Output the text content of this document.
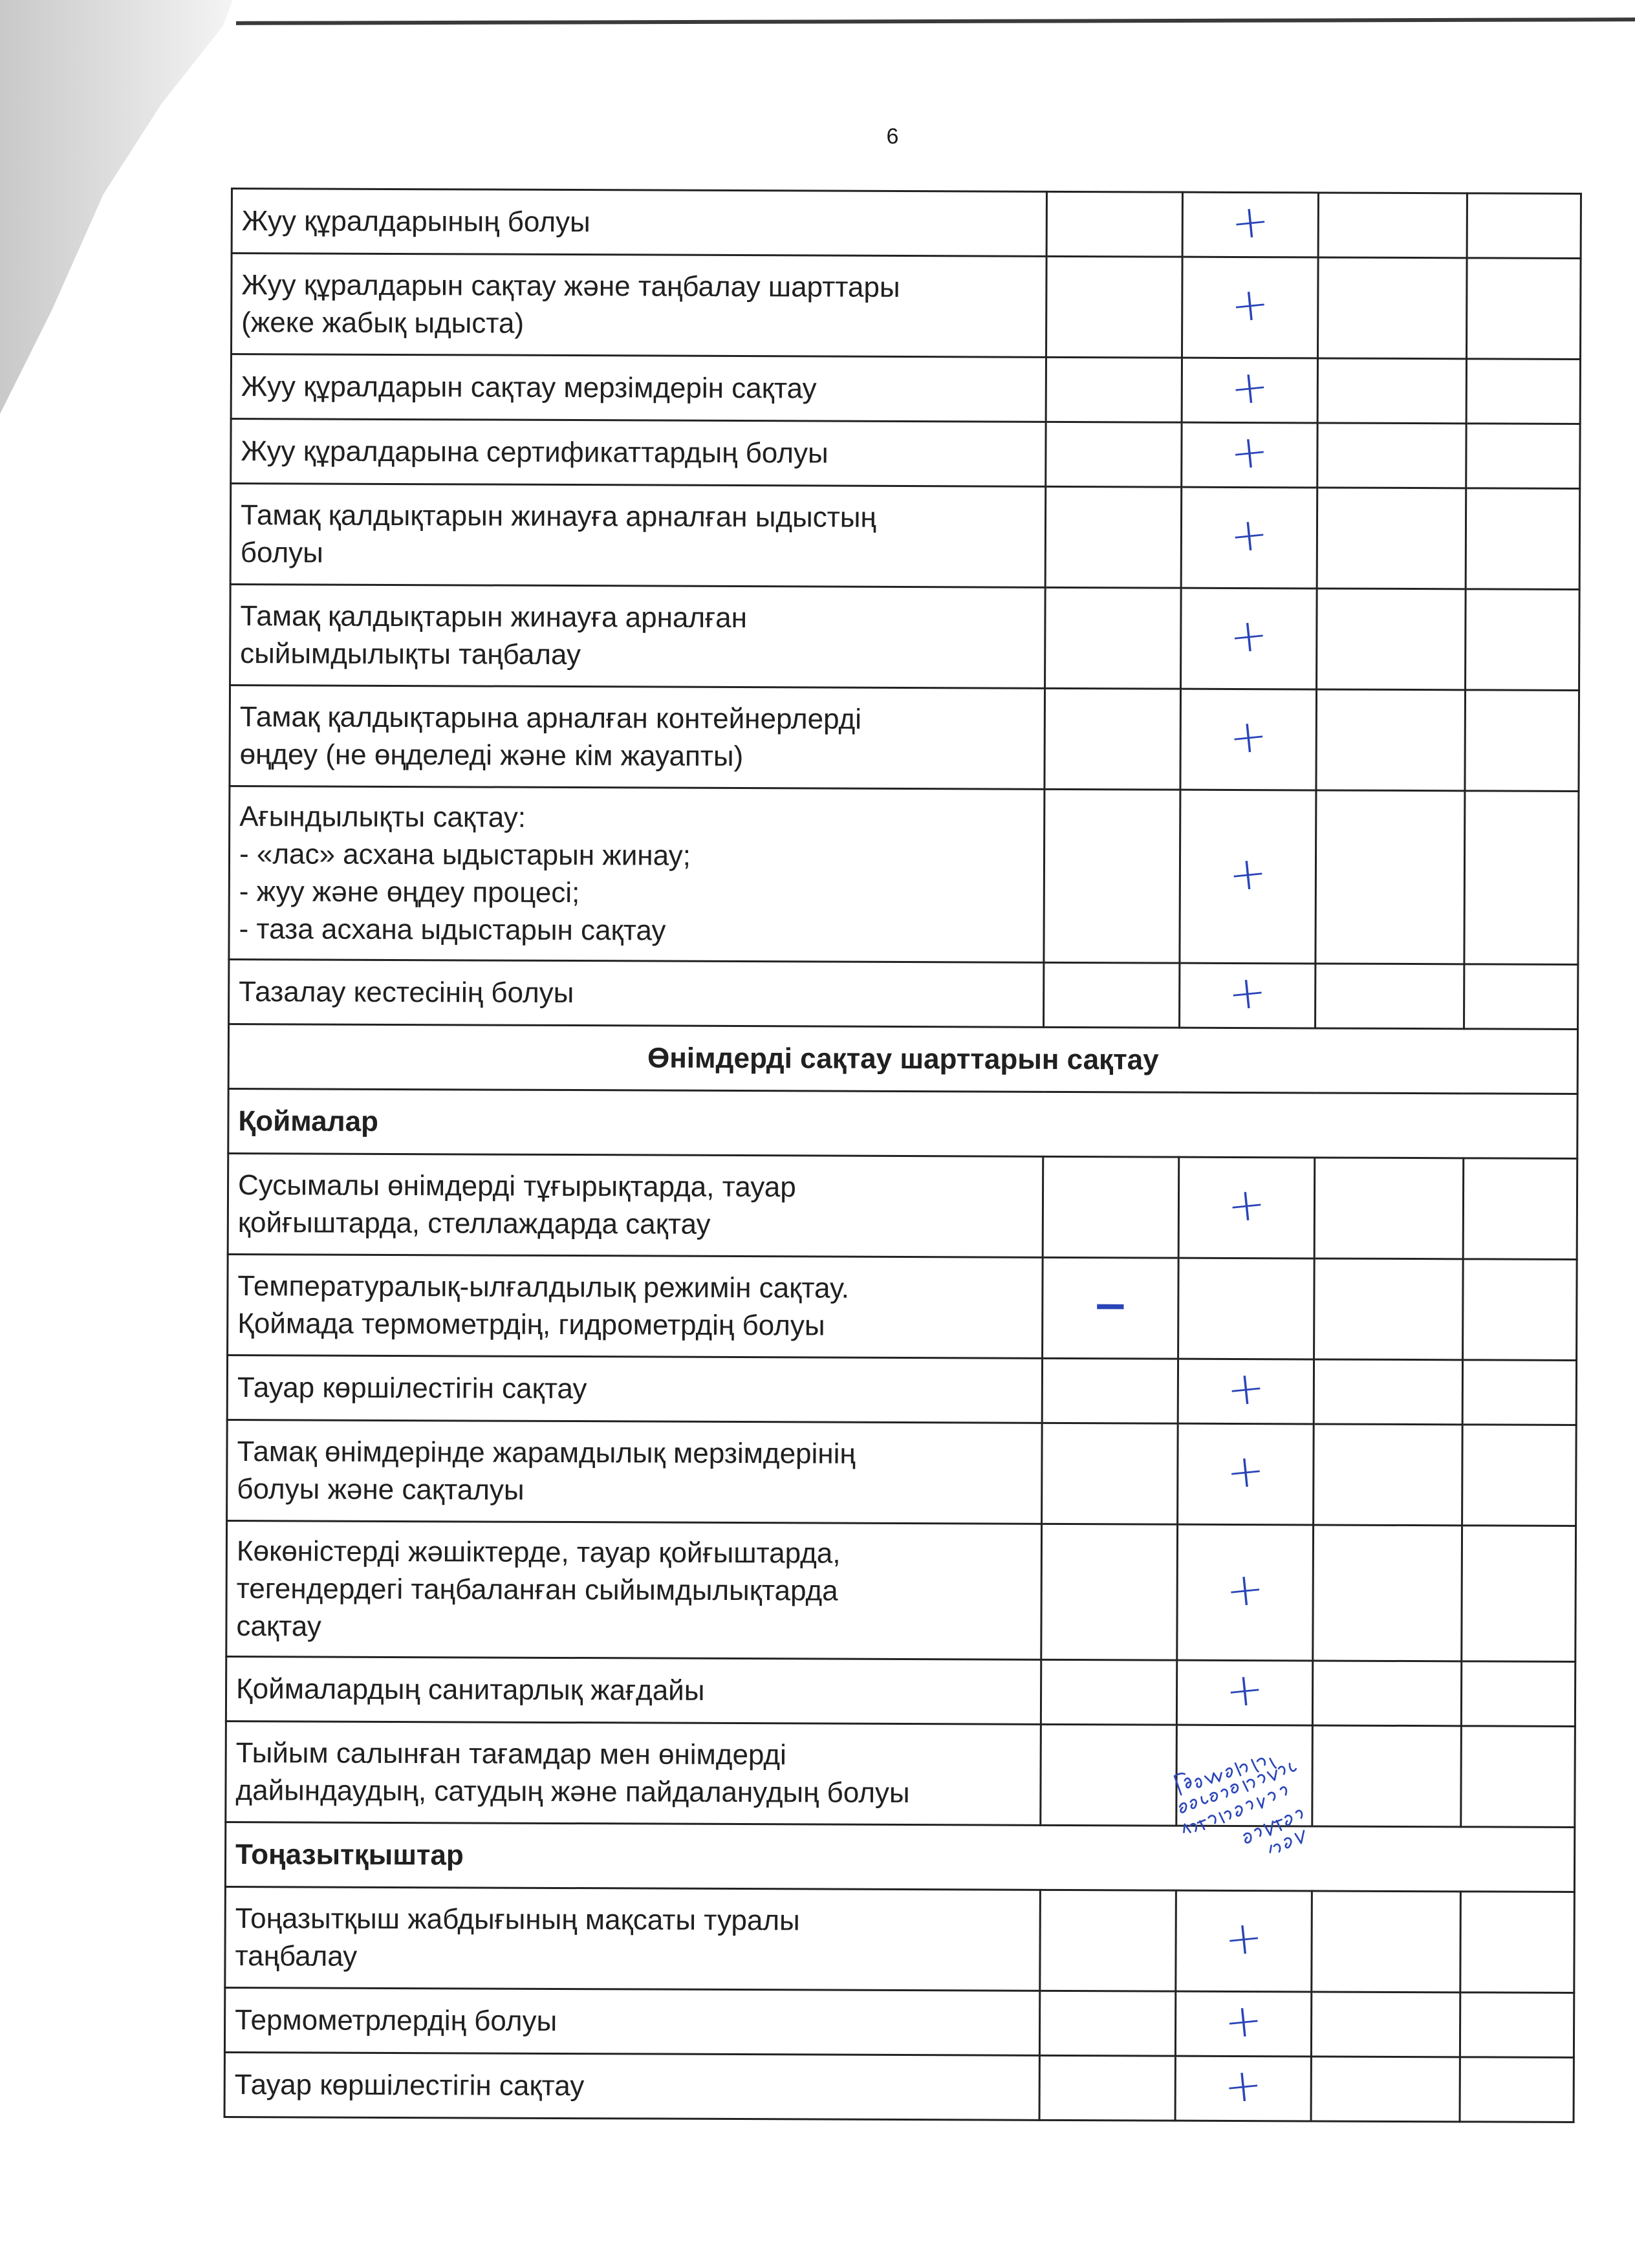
6
Жуу құралдарының болуы		+		
Жуу құралдарын сақтау және таңбалау шарттары
(жеке жабық ыдыста)		+		
Жуу құралдарын сақтау мерзімдерін сақтау		+		
Жуу құралдарына сертификаттардың болуы		+		
Тамақ қалдықтарын жинауға арналған ыдыстың
болуы		+		
Тамақ қалдықтарын жинауға арналған
сыйымдылықты таңбалау		+		
Тамақ қалдықтарына арналған контейнерлерді
өңдеу (не өңделеді және кім жауапты)		+		
Ағындылықты сақтау:
- «лас» асхана ыдыстарын жинау;
- жуу және өңдеу процесі;
- таза асхана ыдыстарын сақтау		+		
Тазалау кестесінің болуы		+		
Өнімдерді сақтау шарттарын сақтау				
Қоймалар				
Сусымалы өнімдерді тұғырықтарда, тауар
қойғыштарда, стеллаждарда сақтау		+		
Температуралық-ылғалдылық режимін сақтау.
Қоймада термометрдің, гидрометрдің болуы	−			
Тауар көршілестігін сақтау		+		
Тамақ өнімдерінде жарамдылық мерзімдерінің
болуы және сақталуы		+		
Көкөністерді жәшіктерде, тауар қойғыштарда,
тегендердегі таңбаланған сыйымдылықтарда
сақтау		+		
Қоймалардың санитарлық жағдайы		+		
Тыйым салынған тағамдар мен өнімдерді
дайындаудың, сатудың және пайдаланудың болуы				
Тоңазытқыштар				
Тоңазытқыш жабдығының мақсаты туралы
таңбалау		+		
Термометрлердің болуы		+		
Тауар көршілестігін сақтау		+		
